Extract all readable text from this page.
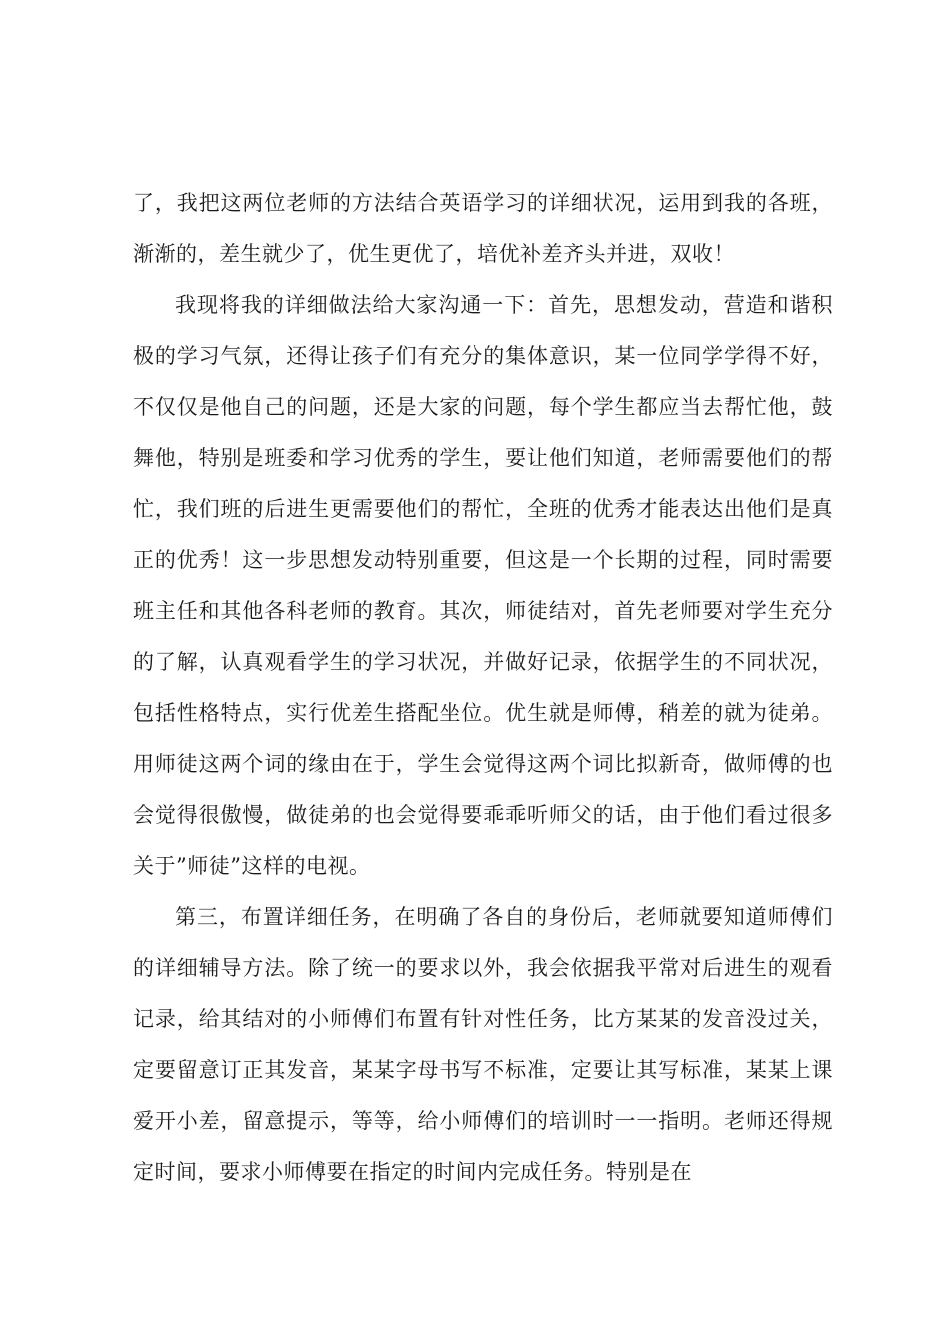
了，我把这两位老师的方法结合英语学习的详细状况，运用到我的各班，渐渐的，差生就少了，优生更优了，培优补差齐头并进，双收！

我现将我的详细做法给大家沟通一下：首先，思想发动，营造和谐积极的学习气氛，还得让孩子们有充分的集体意识，某一位同学学得不好，不仅仅是他自己的问题，还是大家的问题，每个学生都应当去帮忙他，鼓舞他，特别是班委和学习优秀的学生，要让他们知道，老师需要他们的帮忙，我们班的后进生更需要他们的帮忙，全班的优秀才能表达出他们是真正的优秀！这一步思想发动特别重要，但这是一个长期的过程，同时需要班主任和其他各科老师的教育。其次，师徒结对，首先老师要对学生充分的了解，认真观看学生的学习状况，并做好记录，依据学生的不同状况，包括性格特点，实行优差生搭配坐位。优生就是师傅，稍差的就为徒弟。用师徒这两个词的缘由在于，学生会觉得这两个词比拟新奇，做师傅的也会觉得很傲慢，做徒弟的也会觉得要乖乖听师父的话，由于他们看过很多关于”师徒”这样的电视。

第三，布置详细任务，在明确了各自的身份后，老师就要知道师傅们的详细辅导方法。除了统一的要求以外，我会依据我平常对后进生的观看记录，给其结对的小师傅们布置有针对性任务，比方某某的发音没过关，定要留意订正其发音，某某字母书写不标准，定要让其写标准，某某上课爱开小差，留意提示，等等，给小师傅们的培训时一一指明。老师还得规定时间，要求小师傅要在指定的时间内完成任务。特别是在
